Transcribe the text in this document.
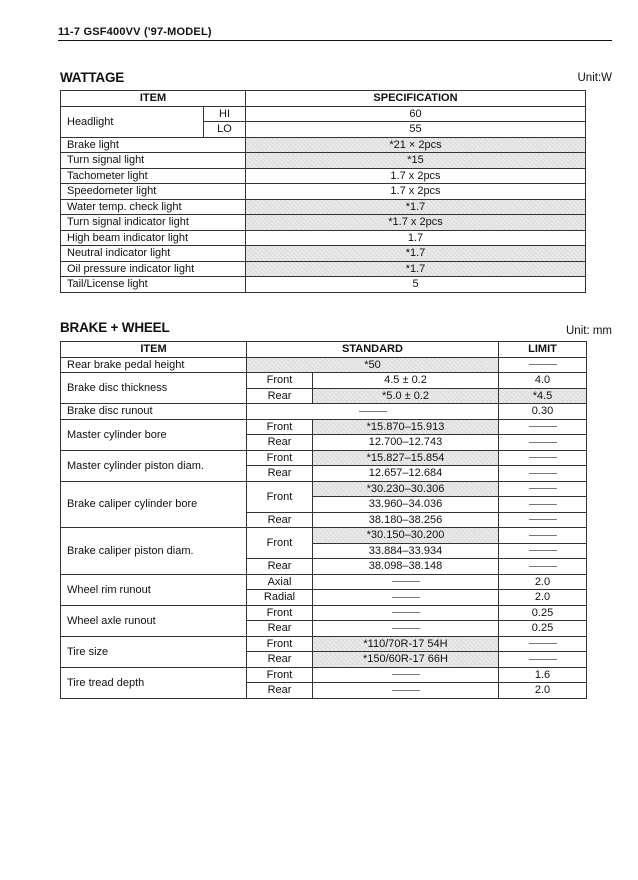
11-7 GSF400VV ('97-MODEL)
WATTAGE	Unit:W
ITEM		SPECIFICATION
Headlight	HI	60
	LO	55
Brake light		*21 × 2pcs
Turn signal light		*15
Tachometer light		1.7 x 2pcs
Speedometer light		1.7 x 2pcs
Water temp. check light		*1.7
Turn signal indicator light		*1.7 x 2pcs
High beam indicator light		1.7
Neutral indicator light		*1.7
Oil pressure indicator light		*1.7
Tail/License light		5
BRAKE + WHEEL	Unit: mm
ITEM	STANDARD		LIMIT
Rear brake pedal height	*50		
Brake disc thickness	Front	4.5 ± 0.2	4.0
	Rear	*5.0 ± 0.2	*4.5
Brake disc runout			0.30
Master cylinder bore	Front	*15.870–15.913	
	Rear	12.700–12.743	
Master cylinder piston diam.	Front	*15.827–15.854	
	Rear	12.657–12.684	
Brake caliper cylinder bore	Front	*30.230–30.306	
		33.960–34.036	
	Rear	38.180–38.256	
Brake caliper piston diam.	Front	*30.150–30.200	
		33.884–33.934	
	Rear	38.098–38.148	
Wheel rim runout	Axial		2.0
	Radial		2.0
Wheel axle runout	Front		0.25
	Rear		0.25
Tire size	Front	*110/70R-17 54H	
	Rear	*150/60R-17 66H	
Tire tread depth	Front		1.6
	Rear		2.0
